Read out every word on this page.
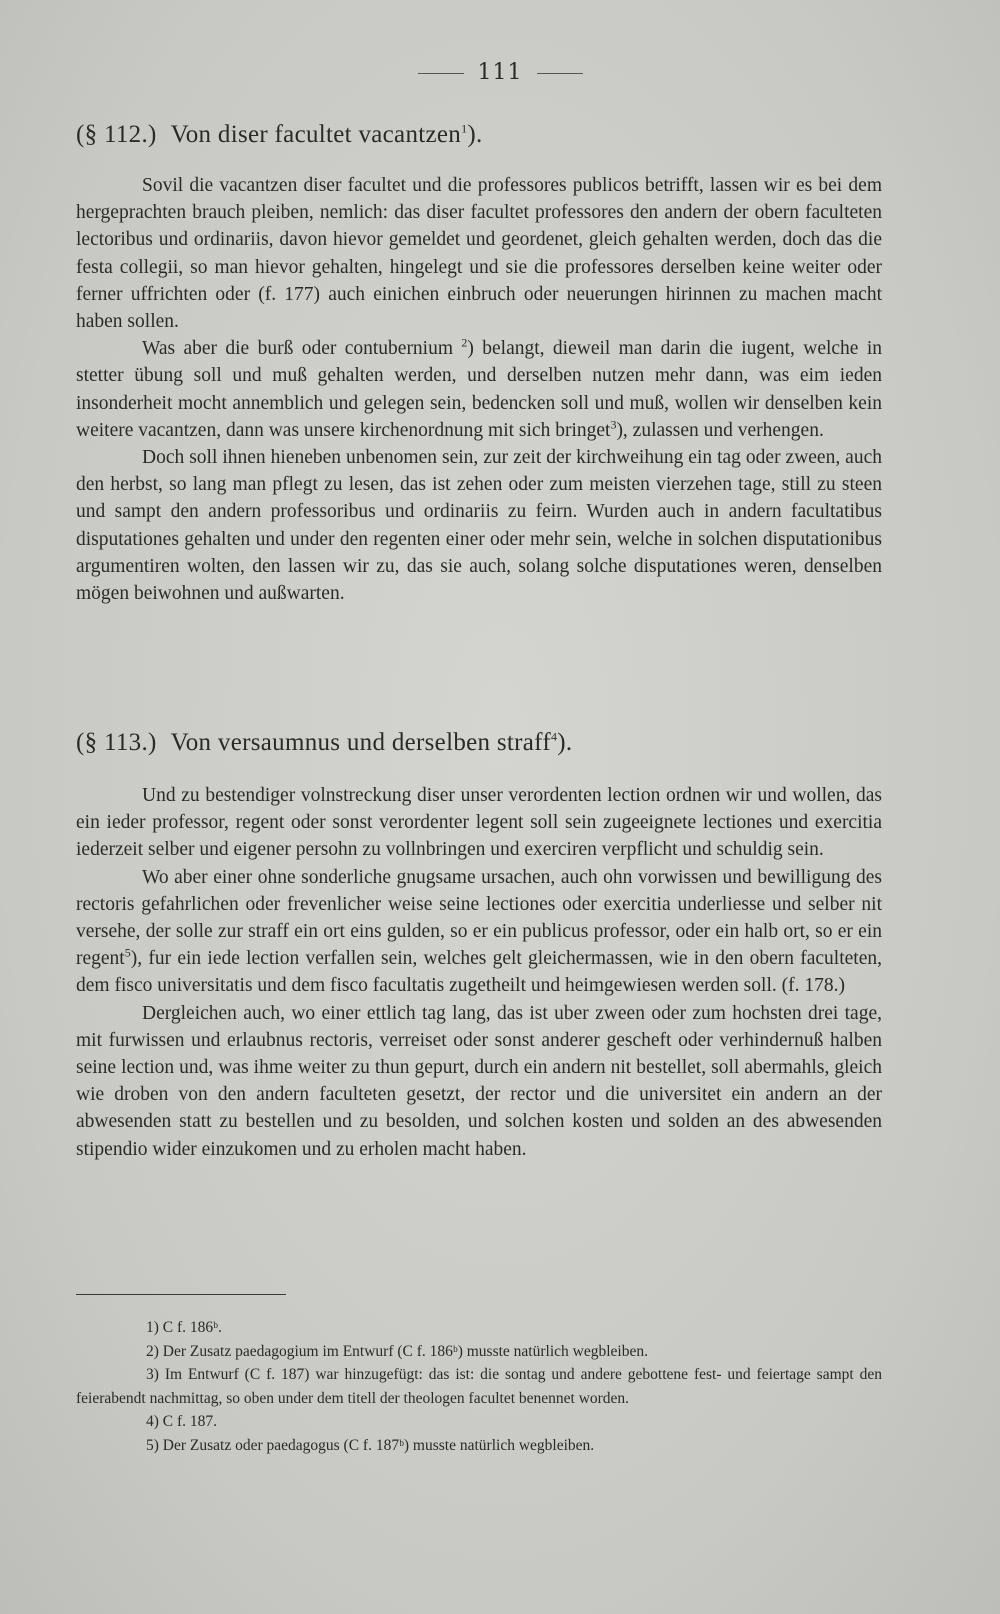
111
(§ 112.) Von diser facultet vacantzen$^1$).

Sovil die vacantzen diser facultet und die professores publicos betrifft, lassen wir es bei dem hergeprachten brauch pleiben, nemlich: das diser facultet professores den andern der obern faculteten lectoribus und ordinariis, davon hievor gemeldet und geordenet, gleich gehalten werden, doch das die festa collegii, so man hievor gehalten, hingelegt und sie die professores derselben keine weiter oder ferner uffrichten oder (f. 177) auch einichen einbruch oder neuerungen hirinnen zu machen macht haben sollen.

Was aber die burß oder contubernium $^2$) belangt, dieweil man darin die iugent, welche in stetter übung soll und muß gehalten werden, und derselben nutzen mehr dann, was eim ieden insonderheit mocht annemblich und gelegen sein, bedencken soll und muß, wollen wir denselben kein weitere vacantzen, dann was unsere kirchenordnung mit sich bringet$^3$), zulassen und verhengen.

Doch soll ihnen hieneben unbenomen sein, zur zeit der kirchweihung ein tag oder zween, auch den herbst, so lang man pflegt zu lesen, das ist zehen oder zum meisten vierzehen tage, still zu steen und sampt den andern professoribus und ordinariis zu feirn. Wurden auch in andern facultatibus disputationes gehalten und under den regenten einer oder mehr sein, welche in solchen disputationibus argumentiren wolten, den lassen wir zu, das sie auch, solang solche disputationes weren, denselben mögen beiwohnen und außwarten.

(§ 113.) Von versaumnus und derselben straff$^4$).

Und zu bestendiger volnstreckung diser unser verordenten lection ordnen wir und wollen, das ein ieder professor, regent oder sonst verordenter legent soll sein zugeeignete lectiones und exercitia iederzeit selber und eigener persohn zu vollnbringen und exerciren verpflicht und schuldig sein.

Wo aber einer ohne sonderliche gnugsame ursachen, auch ohn vorwissen und bewilligung des rectoris gefahrlichen oder frevenlicher weise seine lectiones oder exercitia underliesse und selber nit versehe, der solle zur straff ein ort eins gulden, so er ein publicus professor, oder ein halb ort, so er ein regent$^5$), fur ein iede lection verfallen sein, welches gelt gleichermassen, wie in den obern faculteten, dem fisco universitatis und dem fisco facultatis zugetheilt und heimgewiesen werden soll. (f. 178.)

Dergleichen auch, wo einer ettlich tag lang, das ist uber zween oder zum hochsten drei tage, mit furwissen und erlaubnus rectoris, verreiset oder sonst anderer gescheft oder verhindernuß halben seine lection und, was ihme weiter zu thun gepurt, durch ein andern nit bestellet, soll abermahls, gleich wie droben von den andern faculteten gesetzt, der rector und die universitet ein andern an der abwesenden statt zu bestellen und zu besolden, und solchen kosten und solden an des abwesenden stipendio wider einzukomen und zu erholen macht haben.

1) C f. 186ᵇ.

2) Der Zusatz paedagogium im Entwurf (C f. 186ᵇ) musste natürlich wegbleiben.

3) Im Entwurf (C f. 187) war hinzugefügt: das ist: die sontag und andere gebottene fest- und feiertage sampt den feierabendt nachmittag, so oben under dem titell der theologen facultet benennet worden.

4) C f. 187.

5) Der Zusatz oder paedagogus (C f. 187ᵇ) musste natürlich wegbleiben.
